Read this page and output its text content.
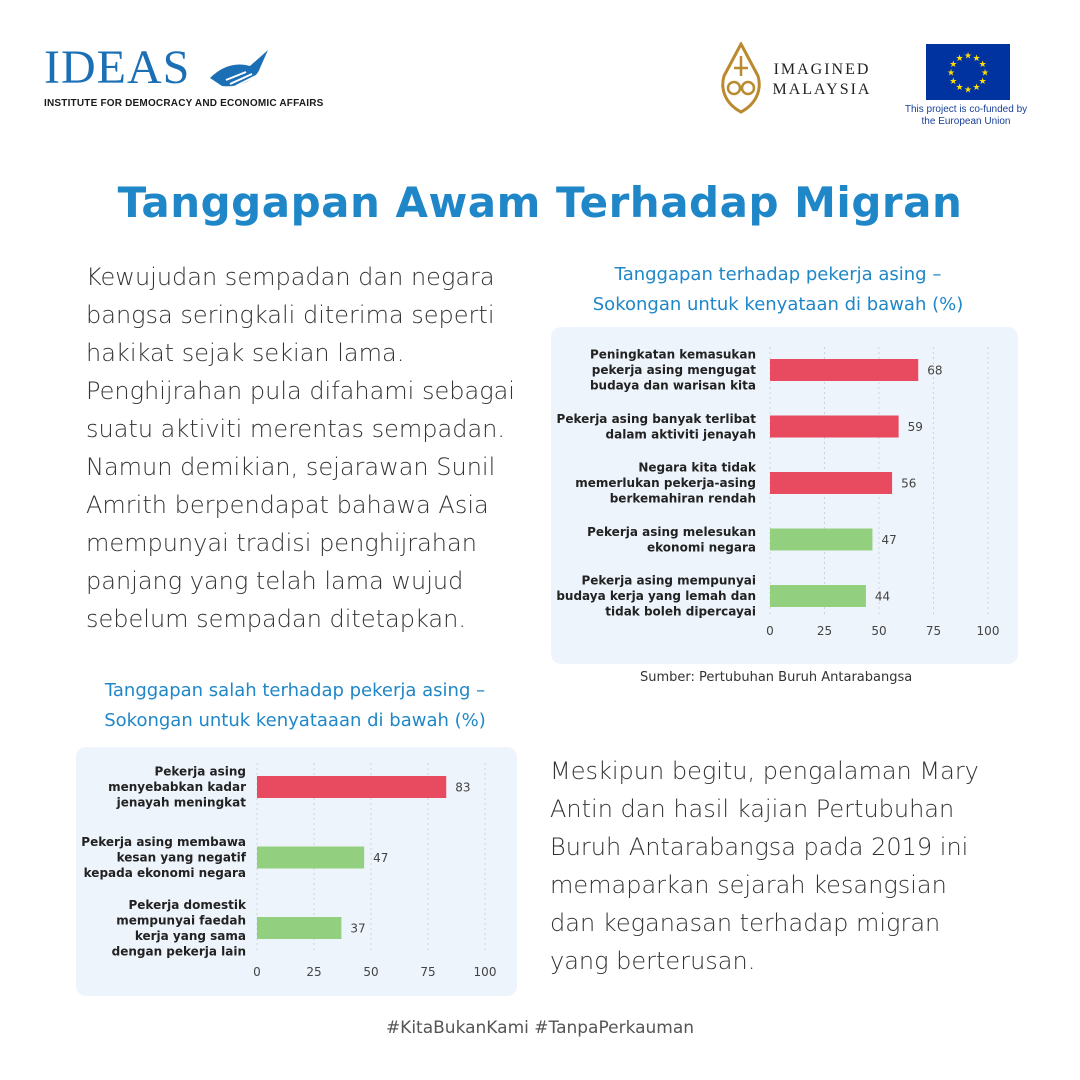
IDEAS
INSTITUTE FOR DEMOCRACY AND ECONOMIC AFFAIRS
IMAGINED
MALAYSIA
★ ★
★
★
★
★
★
★
★
★
★
★
This project is co-funded by
the European Union
Tanggapan Awam Terhadap Migran
Kewujudan sempadan dan negara bangsa seringkali diterima seperti hakikat sejak sekian lama. Penghijrahan pula difahami sebagai suatu aktiviti merentas sempadan. Namun demikian, sejarawan Sunil Amrith berpendapat bahawa Asia mempunyai tradisi penghijrahan panjang yang telah lama wujud sebelum sempadan ditetapkan.
Tanggapan terhadap pekerja asing –
Sokongan untuk kenyataan di bawah (%)
0	25	50	75	100
68
Peningkatan kemasukan
pekerja asing mengugat
budaya dan warisan kita
59
Pekerja asing banyak terlibat
dalam aktiviti jenayah
56
Negara kita tidak
memerlukan pekerja-asing
berkemahiran rendah
47
Pekerja asing melesukan
ekonomi negara
44
Pekerja asing mempunyai
budaya kerja yang lemah dan
tidak boleh dipercayai
Sumber: Pertubuhan Buruh Antarabangsa
Tanggapan salah terhadap pekerja asing –
Sokongan untuk kenyataaan di bawah (%)
0	25	50	75	100
83
Pekerja asing
menyebabkan kadar
jenayah meningkat
47
Pekerja asing membawa
kesan yang negatif
kepada ekonomi negara
37
Pekerja domestik
mempunyai faedah
kerja yang sama
dengan pekerja lain
Meskipun begitu, pengalaman Mary Antin dan hasil kajian Pertubuhan Buruh Antarabangsa pada 2019 ini memaparkan sejarah kesangsian dan keganasan terhadap migran yang berterusan.
#KitaBukanKami #TanpaPerkauman
